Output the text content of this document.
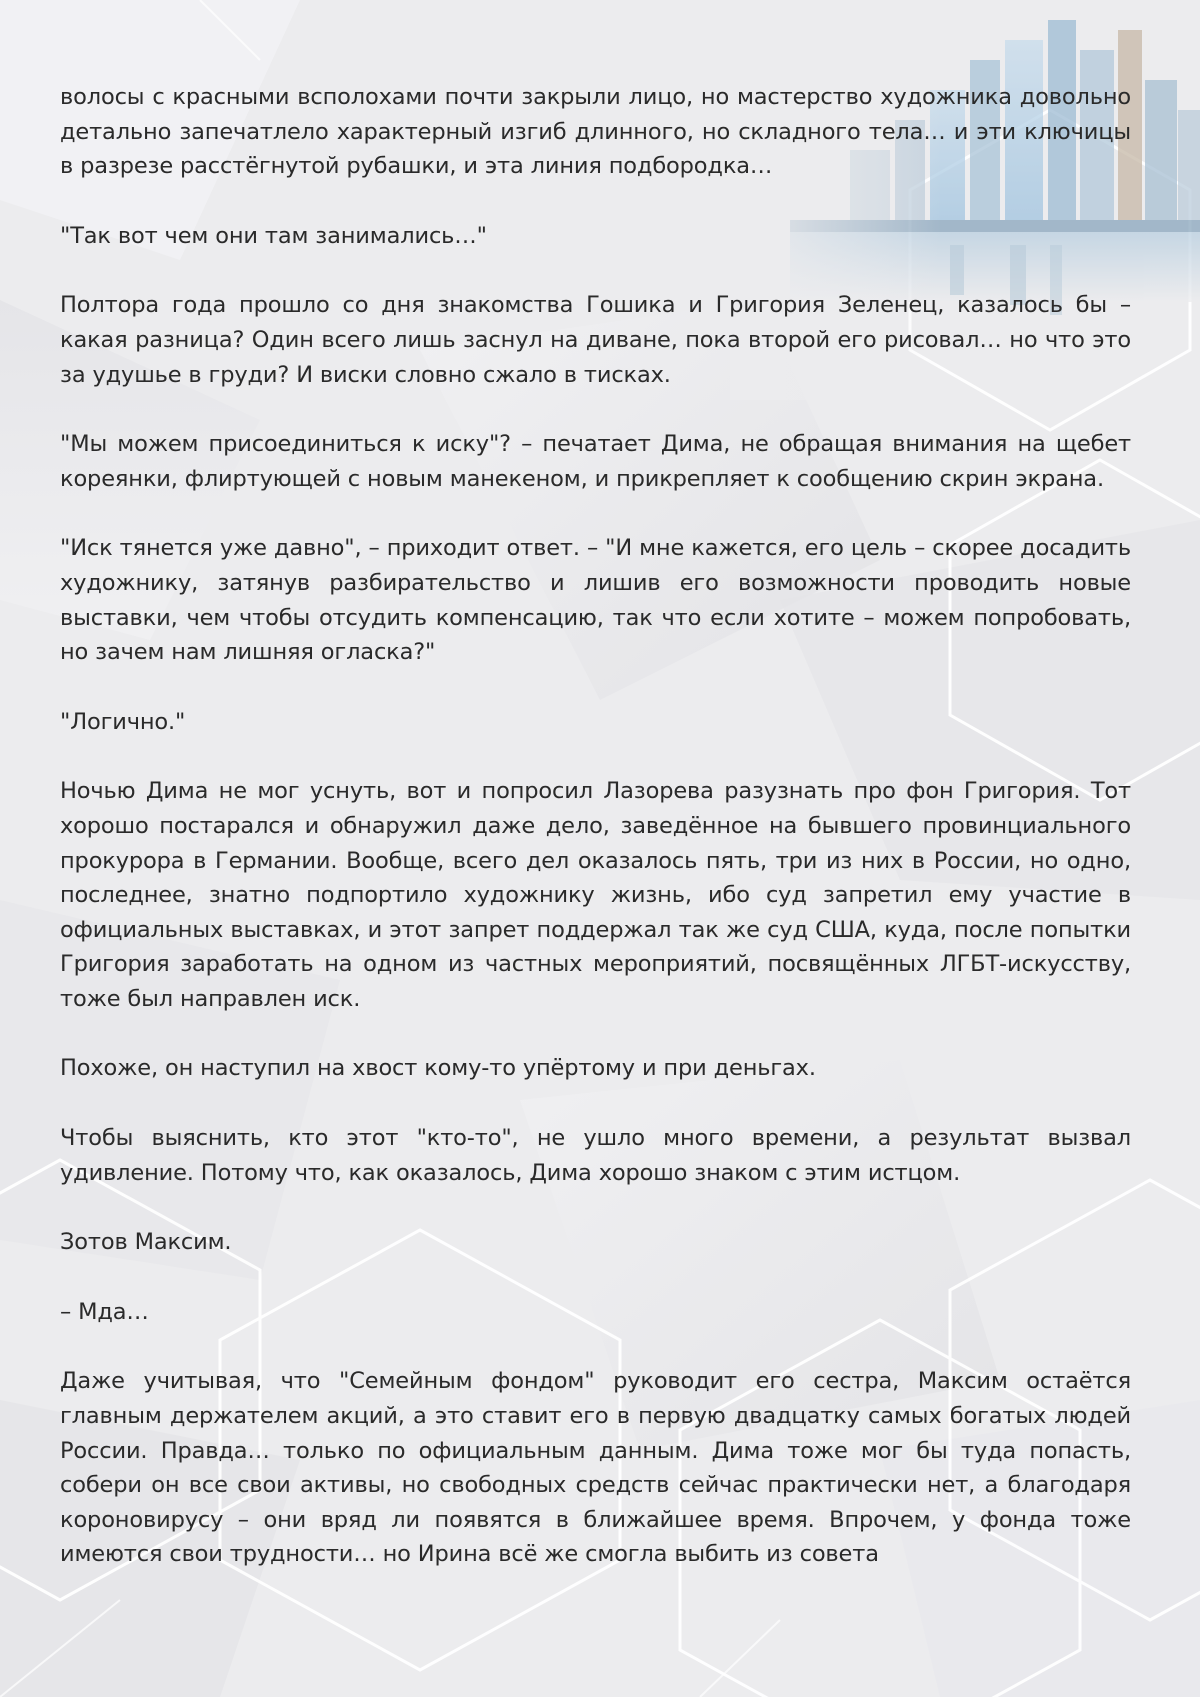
волосы с красными всполохами почти закрыли лицо, но мастерство художника довольно детально запечатлело характерный изгиб длинного, но складного тела… и эти ключицы в разрезе расстёгнутой рубашки, и эта линия подбородка…

"Так вот чем они там занимались…"

Полтора года прошло со дня знакомства Гошика и Григория Зеленец, казалось бы – какая разница? Один всего лишь заснул на диване, пока второй его рисовал… но что это за удушье в груди? И виски словно сжало в тисках.

"Мы можем присоединиться к иску"? – печатает Дима, не обращая внимания на щебет кореянки, флиртующей с новым манекеном, и прикрепляет к сообщению скрин экрана.

"Иск тянется уже давно", – приходит ответ. – "И мне кажется, его цель – скорее досадить художнику, затянув разбирательство и лишив его возможности проводить новые выставки, чем чтобы отсудить компенсацию, так что если хотите – можем попробовать, но зачем нам лишняя огласка?"

"Логично."

Ночью Дима не мог уснуть, вот и попросил Лазорева разузнать про фон Григория. Тот хорошо постарался и обнаружил даже дело, заведённое на бывшего провинциального прокурора в Германии. Вообще, всего дел оказалось пять, три из них в России, но одно, последнее, знатно подпортило художнику жизнь, ибо суд запретил ему участие в официальных выставках, и этот запрет поддержал так же суд США, куда, после попытки Григория заработать на одном из частных мероприятий, посвящённых ЛГБТ-искусству, тоже был направлен иск.

Похоже, он наступил на хвост кому-то упёртому и при деньгах.

Чтобы выяснить, кто этот "кто-то", не ушло много времени, а результат вызвал удивление. Потому что, как оказалось, Дима хорошо знаком с этим истцом.

Зотов Максим.

– Мда…

Даже учитывая, что "Семейным фондом" руководит его сестра, Максим остаётся главным держателем акций, а это ставит его в первую двадцатку самых богатых людей России. Правда… только по официальным данным. Дима тоже мог бы туда попасть, собери он все свои активы, но свободных средств сейчас практически нет, а благодаря короновирусу – они вряд ли появятся в ближайшее время. Впрочем, у фонда тоже имеются свои трудности… но Ирина всё же смогла выбить из совета
